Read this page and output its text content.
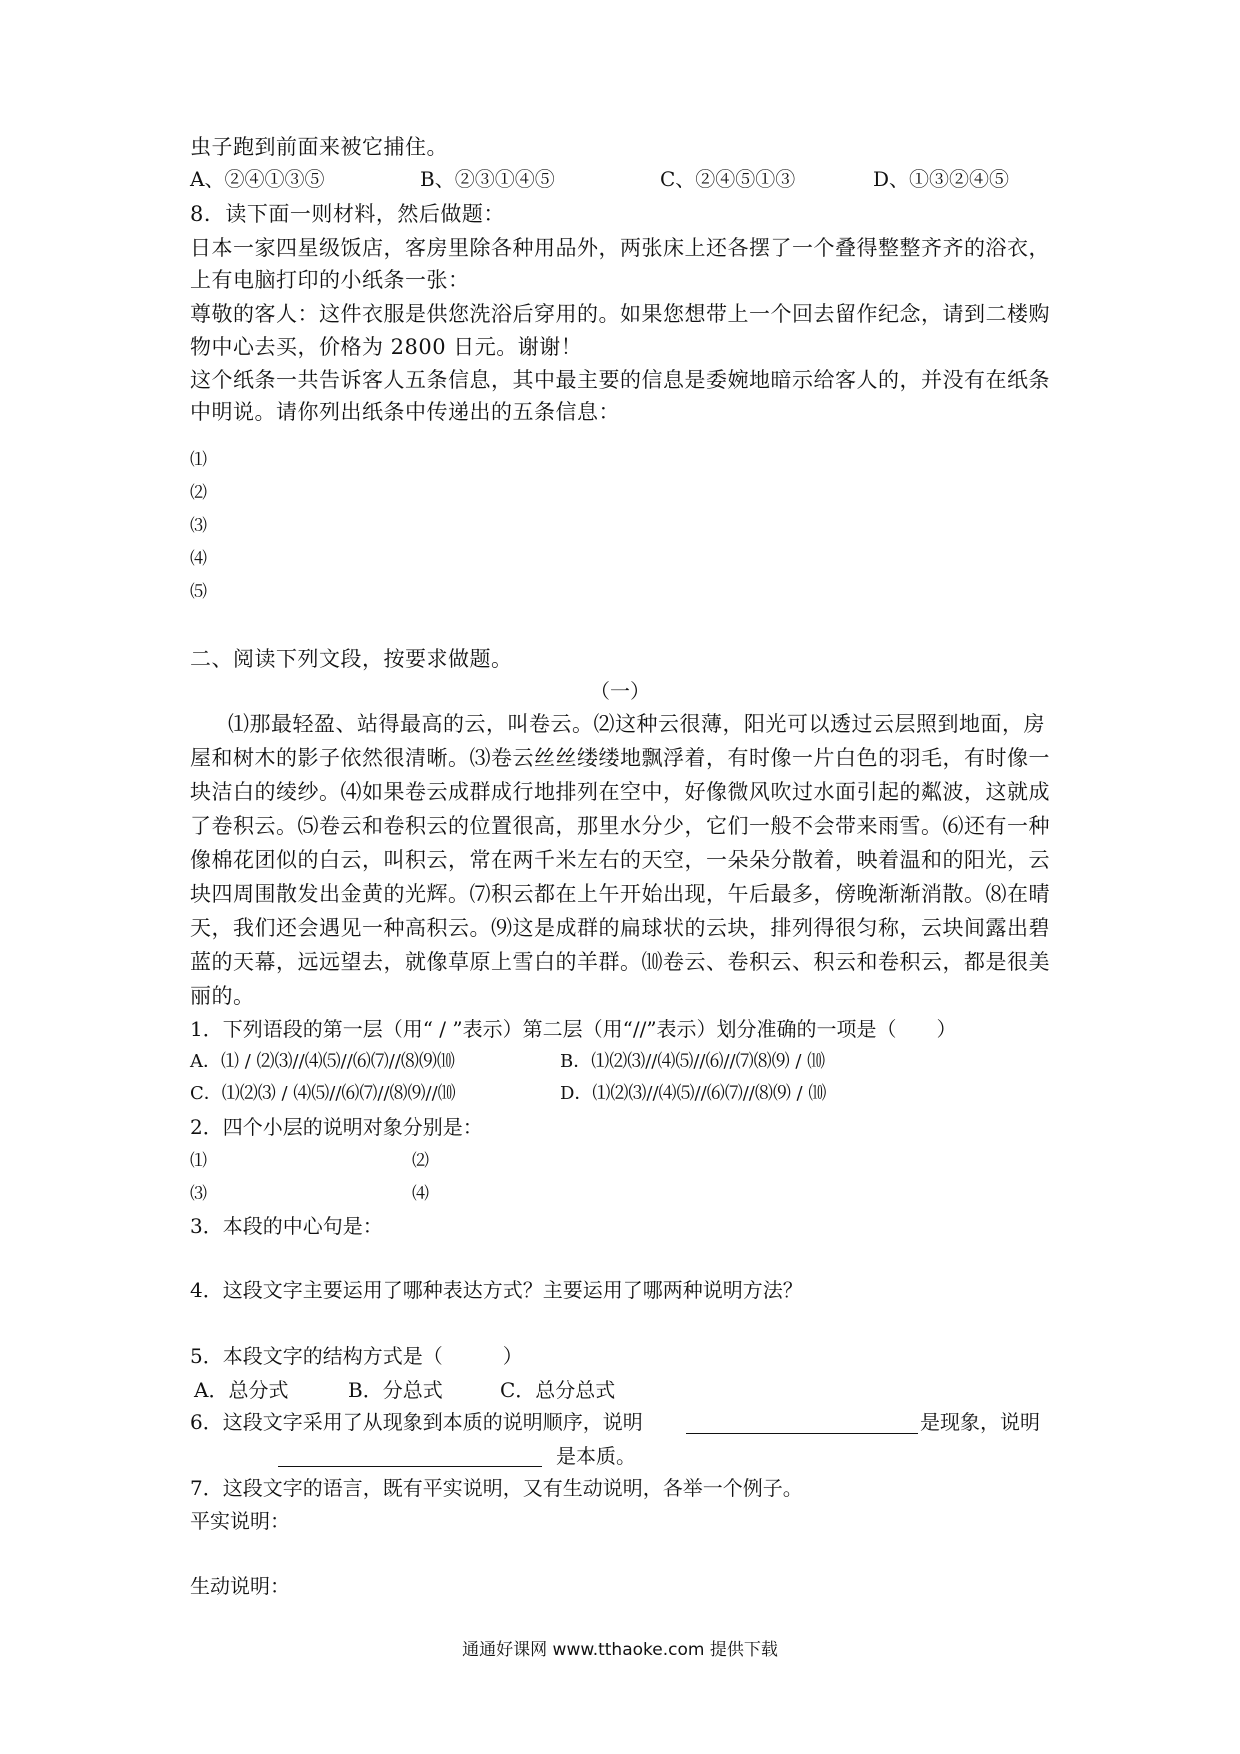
虫子跑到前面来被它捕住。
A、②④①③⑤	B、②③①④⑤	C、②④⑤①③	D、①③②④⑤
8．读下面一则材料，然后做题：
日本一家四星级饭店，客房里除各种用品外，两张床上还各摆了一个叠得整整齐齐的浴衣，
上有电脑打印的小纸条一张：
尊敬的客人：这件衣服是供您洗浴后穿用的。如果您想带上一个回去留作纪念，请到二楼购
物中心去买，价格为 2800 日元。谢谢！
这个纸条一共告诉客人五条信息，其中最主要的信息是委婉地暗示给客人的，并没有在纸条
中明说。请你列出纸条中传递出的五条信息：
⑴
⑵
⑶
⑷
⑸
二、阅读下列文段，按要求做题。
（一）
⑴那最轻盈、站得最高的云，叫卷云。⑵这种云很薄，阳光可以透过云层照到地面，房
屋和树木的影子依然很清晰。⑶卷云丝丝缕缕地飘浮着，有时像一片白色的羽毛，有时像一
块洁白的绫纱。⑷如果卷云成群成行地排列在空中，好像微风吹过水面引起的粼波，这就成
了卷积云。⑸卷云和卷积云的位置很高，那里水分少，它们一般不会带来雨雪。⑹还有一种
像棉花团似的白云，叫积云，常在两千米左右的天空，一朵朵分散着，映着温和的阳光，云
块四周围散发出金黄的光辉。⑺积云都在上午开始出现，午后最多，傍晚渐渐消散。⑻在晴
天，我们还会遇见一种高积云。⑼这是成群的扁球状的云块，排列得很匀称，云块间露出碧
蓝的天幕，远远望去，就像草原上雪白的羊群。⑽卷云、卷积云、积云和卷积云，都是很美
丽的。
1．下列语段的第一层（用“ / ”表示）第二层（用“//”表示）划分准确的一项是（　　）
A．⑴ / ⑵⑶//⑷⑸//⑹⑺//⑻⑼⑽	B．⑴⑵⑶//⑷⑸//⑹//⑺⑻⑼ / ⑽
C．⑴⑵⑶ / ⑷⑸//⑹⑺//⑻⑼//⑽	D．⑴⑵⑶//⑷⑸//⑹⑺//⑻⑼ / ⑽
2．四个小层的说明对象分别是：
⑴	⑵
⑶	⑷
3．本段的中心句是：
4．这段文字主要运用了哪种表达方式？主要运用了哪两种说明方法？
5．本段文字的结构方式是（　　　）
A．总分式	B．分总式	C．总分总式
6．这段文字采用了从现象到本质的说明顺序，说明	是现象，说明
是本质。
7．这段文字的语言，既有平实说明，又有生动说明，各举一个例子。
平实说明：
生动说明：
通通好课网 www.tthaoke.com 提供下载
